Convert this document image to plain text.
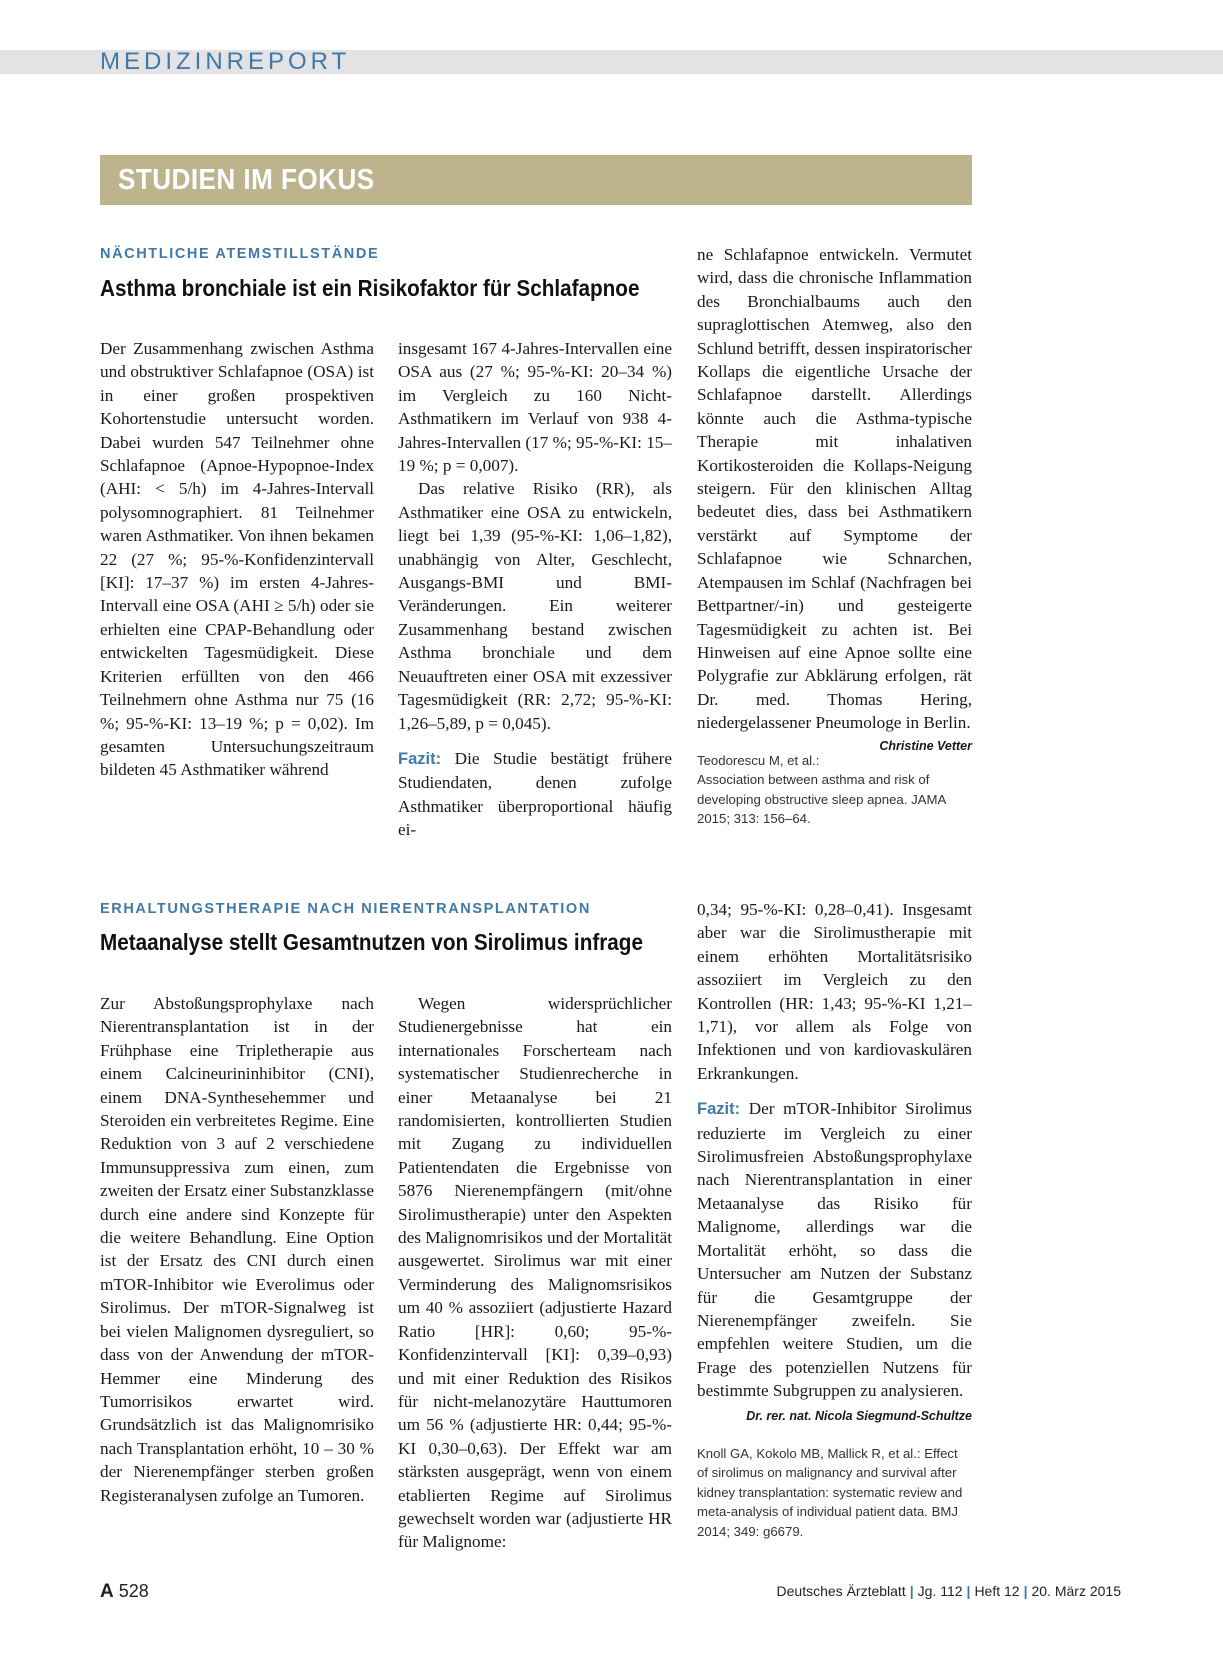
MEDIZINREPORT
STUDIEN IM FOKUS
NÄCHTLICHE ATEMSTILLSTÄNDE
Asthma bronchiale ist ein Risikofaktor für Schlafapnoe

Der Zusammenhang zwischen Asthma und obstruktiver Schlafapnoe (OSA) ist in einer großen prospektiven Kohortenstudie untersucht worden. Dabei wurden 547 Teilnehmer ohne Schlafapnoe (Apnoe-Hypopnoe-Index (AHI: < 5/h) im 4-Jahres-Intervall polysomnographiert. 81 Teilnehmer waren Asthmatiker. Von ihnen bekamen 22 (27 %; 95-%-Konfidenzintervall [KI]: 17–37 %) im ersten 4-Jahres-Intervall eine OSA (AHI ≥ 5/h) oder sie erhielten eine CPAP-Behandlung oder entwickelten Tagesmüdigkeit. Diese Kriterien erfüllten von den 466 Teilnehmern ohne Asthma nur 75 (16 %; 95-%-KI: 13–19 %; p = 0,02). Im gesamten Untersuchungszeitraum bildeten 45 Asthmatiker während

insgesamt 167 4-Jahres-Intervallen eine OSA aus (27 %; 95-%-KI: 20–34 %) im Vergleich zu 160 Nicht-Asthmatikern im Verlauf von 938 4-Jahres-Intervallen (17 %; 95-%-KI: 15–19 %; p = 0,007).

Das relative Risiko (RR), als Asthmatiker eine OSA zu entwickeln, liegt bei 1,39 (95-%-KI: 1,06–1,82), unabhängig von Alter, Geschlecht, Ausgangs-BMI und BMI-Veränderungen. Ein weiterer Zusammenhang bestand zwischen Asthma bronchiale und dem Neuauftreten einer OSA mit exzessiver Tagesmüdigkeit (RR: 2,72; 95-%-KI: 1,26–5,89, p = 0,045).

Fazit: Die Studie bestätigt frühere Studiendaten, denen zufolge Asthmatiker überproportional häufig ei-

ne Schlafapnoe entwickeln. Vermutet wird, dass die chronische Inflammation des Bronchialbaums auch den supraglottischen Atemweg, also den Schlund betrifft, dessen inspiratorischer Kollaps die eigentliche Ursache der Schlafapnoe darstellt. Allerdings könnte auch die Asthma-typische Therapie mit inhalativen Kortikosteroiden die Kollaps-Neigung steigern. Für den klinischen Alltag bedeutet dies, dass bei Asthmatikern verstärkt auf Symptome der Schlafapnoe wie Schnarchen, Atempausen im Schlaf (Nachfragen bei Bettpartner/-in) und gesteigerte Tagesmüdigkeit zu achten ist. Bei Hinweisen auf eine Apnoe sollte eine Polygrafie zur Abklärung erfolgen, rät Dr. med. Thomas Hering, niedergelassener Pneumologe in Berlin.
Christine Vetter

Teodorescu M, et al.: Association between asthma and risk of developing obstructive sleep apnea. JAMA 2015; 313: 156–64.
ERHALTUNGSTHERAPIE NACH NIERENTRANSPLANTATION
Metaanalyse stellt Gesamtnutzen von Sirolimus infrage

Zur Abstoßungsprophylaxe nach Nierentransplantation ist in der Frühphase eine Tripletherapie aus einem Calcineurininhibitor (CNI), einem DNA-Synthesehemmer und Steroiden ein verbreitetes Regime. Eine Reduktion von 3 auf 2 verschiedene Immunsuppressiva zum einen, zum zweiten der Ersatz einer Substanzklasse durch eine andere sind Konzepte für die weitere Behandlung. Eine Option ist der Ersatz des CNI durch einen mTOR-Inhibitor wie Everolimus oder Sirolimus. Der mTOR-Signalweg ist bei vielen Malignomen dysreguliert, so dass von der Anwendung der mTOR-Hemmer eine Minderung des Tumorrisikos erwartet wird. Grundsätzlich ist das Malignomrisiko nach Transplantation erhöht, 10 – 30 % der Nierenempfänger sterben großen Registeranalysen zufolge an Tumoren.

Wegen widersprüchlicher Studienergebnisse hat ein internationales Forscherteam nach systematischer Studienrecherche in einer Metaanalyse bei 21 randomisierten, kontrollierten Studien mit Zugang zu individuellen Patientendaten die Ergebnisse von 5876 Nierenempfängern (mit/ohne Sirolimustherapie) unter den Aspekten des Malignomrisikos und der Mortalität ausgewertet. Sirolimus war mit einer Verminderung des Malignomsrisikos um 40 % assoziiert (adjustierte Hazard Ratio [HR]: 0,60; 95-%-Konfidenzintervall [KI]: 0,39–0,93) und mit einer Reduktion des Risikos für nicht-melanozytäre Hauttumoren um 56 % (adjustierte HR: 0,44; 95-%-KI 0,30–0,63). Der Effekt war am stärksten ausgeprägt, wenn von einem etablierten Regime auf Sirolimus gewechselt worden war (adjustierte HR für Malignome:

0,34; 95-%-KI: 0,28–0,41). Insgesamt aber war die Sirolimustherapie mit einem erhöhten Mortalitätsrisiko assoziiert im Vergleich zu den Kontrollen (HR: 1,43; 95-%-KI 1,21–1,71), vor allem als Folge von Infektionen und von kardiovaskulären Erkrankungen.

Fazit: Der mTOR-Inhibitor Sirolimus reduzierte im Vergleich zu einer Sirolimusfreien Abstoßungsprophylaxe nach Nierentransplantation in einer Metaanalyse das Risiko für Malignome, allerdings war die Mortalität erhöht, so dass die Untersucher am Nutzen der Substanz für die Gesamtgruppe der Nierenempfänger zweifeln. Sie empfehlen weitere Studien, um die Frage des potenziellen Nutzens für bestimmte Subgruppen zu analysieren.

Dr. rer. nat. Nicola Siegmund-Schultze
Knoll GA, Kokolo MB, Mallick R, et al.: Effect of sirolimus on malignancy and survival after kidney transplantation: systematic review and meta-analysis of individual patient data. BMJ 2014; 349: g6679.
A 528	Deutsches Ärzteblatt | Jg. 112 | Heft 12 | 20. März 2015
